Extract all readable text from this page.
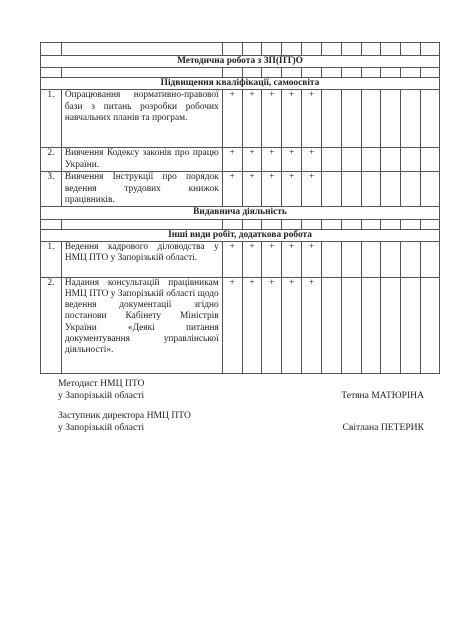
Методична робота з ЗП(ПТ)О												

Підвищення кваліфікації, самоосвіта												
1.	Опрацювання нормативно-правової бази з питань розробки робочих навчальних планів та програм.	+	+	+	+	+						
2.	Вивчення Кодексу законів про працю України.	+	+	+	+	+						
3.	Вивчення Інструкції про порядок ведення трудових книжок працівників.	+	+	+	+	+						
Видавнича діяльність												

Інші види робіт, додаткова робота												
1.	Ведення кадрового діловодства у НМЦ ПТО у Запорізькій області.	+	+	+	+	+						
2.	Надання консультацій працівникам НМЦ ПТО у Запорізькій області щодо ведення документації згідно постанови Кабінету Міністрів України «Деякі питання документування управлінської діяльності».	+	+	+	+	+						
Методист НМЦ ПТО
у Запорізькій області	Тетяна МАТЮРІНА
Заступник директора НМЦ ПТО
у Запорізькій області	Світлана ПЕТЕРИК
